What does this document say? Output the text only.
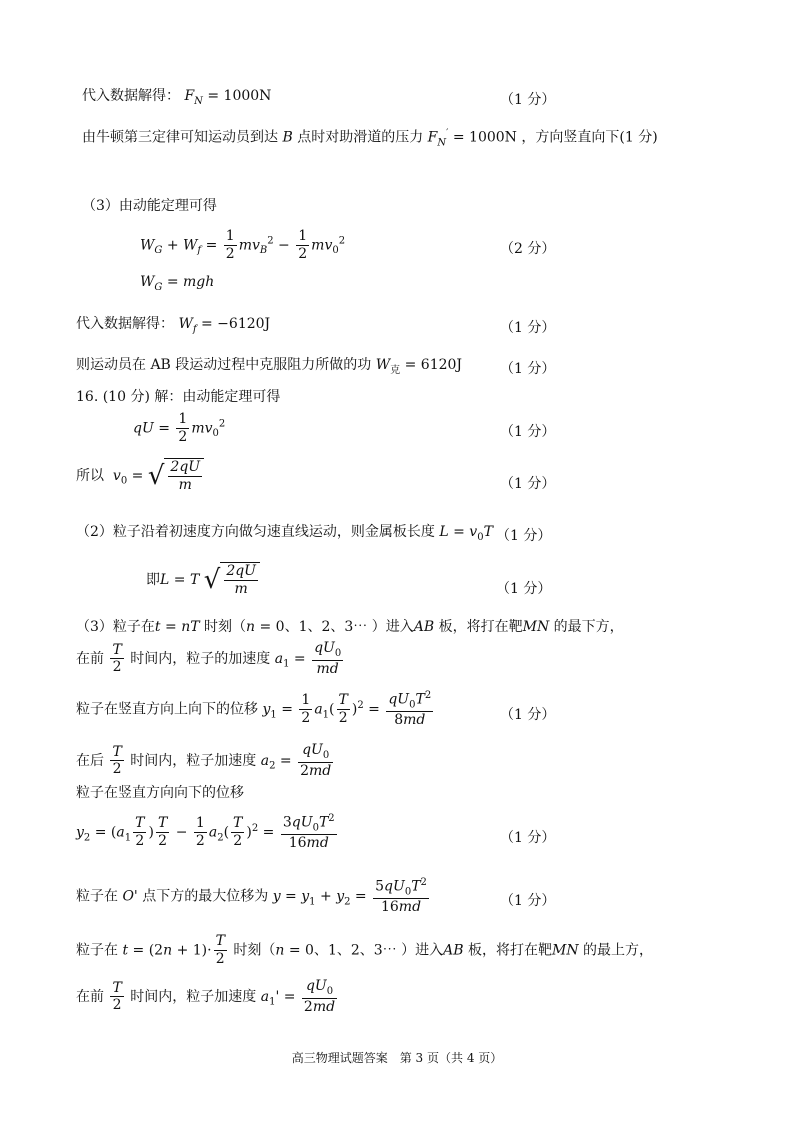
代入数据解得： $F_N = 1000N$	（1 分）
由牛顿第三定律可知运动员到达 B 点时对助滑道的压力 $F_N' = 1000N$ ，方向竖直向下(1 分)
（3）由动能定理可得
$W_G + W_f = \frac{1}{2} mv_B^2 - \frac{1}{2} mv_0^2$	（2 分）
$W_G$ = mgh
代入数据解得： $W_f = -6120J$	（1 分）
则运动员在 AB 段运动过程中克服阻力所做的功 $W_克 = 6120J$	（1 分）
16. (10 分) 解：由动能定理可得
qU = $\frac{1}{2} mv_0^2$	（1 分）
所以 $v_0$ = √ $\frac{2qU}{m}$	（1 分）
（2）粒子沿着初速度方向做匀速直线运动，则金属板长度 $L = v_0T$ （1 分）
即L = T √ $\frac{2qU}{m}$	（1 分）
（3）粒子在t = nT 时刻（n = 0、1、2、3⋯ ）进入AB 板，将打在靶MN 的最下方，
在前 $\frac{T}{2}$ 时间内，粒子的加速度 $a_1 = \frac{qU_0}{md}$
粒子在竖直方向上向下的位移 $y_1 = \frac{1}{2} a_1( \frac{T}{2} )^2 = \frac{qU_0T^2}{8md}$	（1 分）
在后 $\frac{T}{2}$ 时间内，粒子加速度 $a_2 = \frac{qU_0}{2md}$
粒子在竖直方向向下的位移
$y_2 = (a_1 \frac{T}{2}$ ) $\frac{T}{2} - \frac{1}{2} a_2( \frac{T}{2} )^2 = \frac{3qU_0T^2}{16md}$	（1 分）
粒子在 O' 点下方的最大位移为 $y = y_1 + y_2 = \frac{5qU_0T^2}{16md}$	（1 分）
粒子在 $t = (2n + 1)\cdot \frac{T}{2}$ 时刻（n = 0、1、2、3⋯ ）进入AB 板，将打在靶MN 的最上方，
在前 $\frac{T}{2}$ 时间内，粒子加速度 $a_1' = \frac{qU_0}{2md}$
高三物理试题答案　第 3 页（共 4 页）
